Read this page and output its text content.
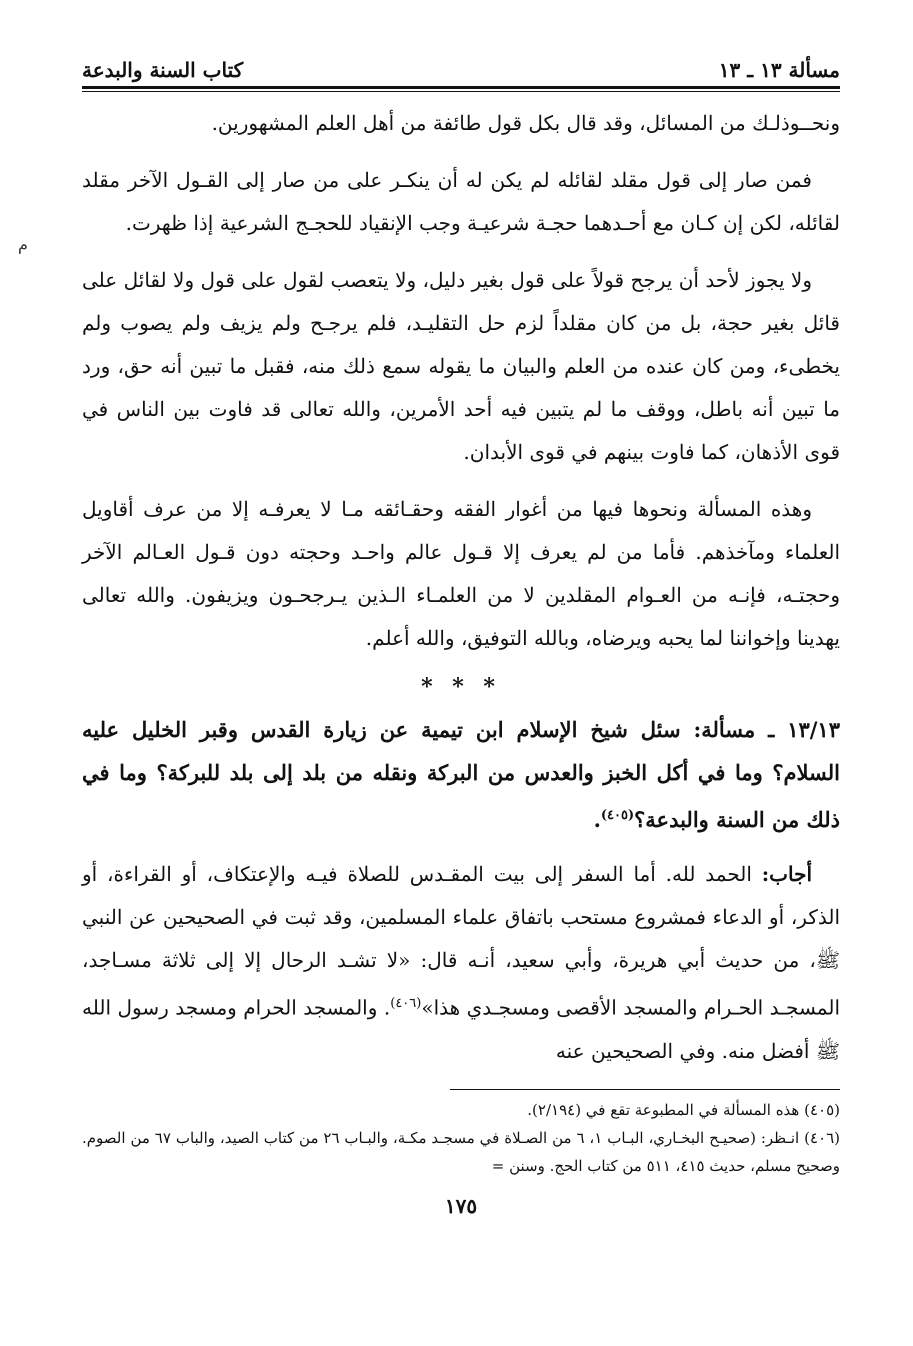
م
مسألة ١٣ ـ ١٣
كتاب السنة والبدعة

ونحــوذلـك من المسائل، وقد قال بكل قول طائفة من أهل العلم المشهورين.

فمن صار إلى قول مقلد لقائله لم يكن له أن ينكـر على من صار إلى القـول الآخر مقلد لقائله، لكن إن كـان مع أحـدهما حجـة شرعيـة وجب الإنقياد للحجـج الشرعية إذا ظهرت.

ولا يجوز لأحد أن يرجح قولاً على قول بغير دليل، ولا يتعصب لقول على قول ولا لقائل على قائل بغير حجة، بل من كان مقلداً لزم حل التقليـد، فلم يرجـح ولم يزيف ولم يصوب ولم يخطىء، ومن كان عنده من العلم والبيان ما يقوله سمع ذلك منه، فقبل ما تبين أنه حق، ورد ما تبين أنه باطل، ووقف ما لم يتبين فيه أحد الأمرين، والله تعالى قد فاوت بين الناس في قوى الأذهان، كما فاوت بينهم في قوى الأبدان.

وهذه المسألة ونحوها فيها من أغوار الفقه وحقـائقه مـا لا يعرفـه إلا من عرف أقاويل العلماء ومآخذهم. فأما من لم يعرف إلا قـول عالم واحـد وحجته دون قـول العـالم الآخر وحجتـه، فإنـه من العـوام المقلدين لا من العلمـاء الـذين يـرجحـون ويزيفون. والله تعالى يهدينا وإخواننا لما يحبه ويرضاه، وبالله التوفيق، والله أعلم.

* * *

١٣/١٣ ـ مسألة: سئل شيخ الإسلام ابن تيمية عن زيارة القدس وقبر الخليل عليه السلام؟ وما في أكل الخبز والعدس من البركة ونقله من بلد إلى بلد للبركة؟ وما في ذلك من السنة والبدعة؟$^{(٤٠٥)}$.

أجاب: الحمد لله. أما السفر إلى بيت المقـدس للصلاة فيـه والإعتكاف، أو القراءة، أو الذكر، أو الدعاء فمشروع مستحب باتفاق علماء المسلمين، وقد ثبت في الصحيحين عن النبي ﷺ، من حديث أبي هريرة، وأبي سعيد، أنـه قال: «لا تشـد الرحال إلا إلى ثلاثة مسـاجد، المسجـد الحـرام والمسجد الأقصى ومسجـدي هذا»$^{(٤٠٦)}$. والمسجد الحرام ومسجد رسول الله ﷺ أفضل منه. وفي الصحيحين عنه

(٤٠٥) هذه المسألة في المطبوعة تقع في (٢/١٩٤).

(٤٠٦) انـظر: (صحيـح البخـاري، البـاب ١، ٦ من الصـلاة في مسجـد مكـة، والبـاب ٢٦ من كتاب الصيد، والباب ٦٧ من الصوم. وصحيح مسلم، حديث ٤١٥، ٥١١ من كتاب الحج. وسنن =

١٧٥
